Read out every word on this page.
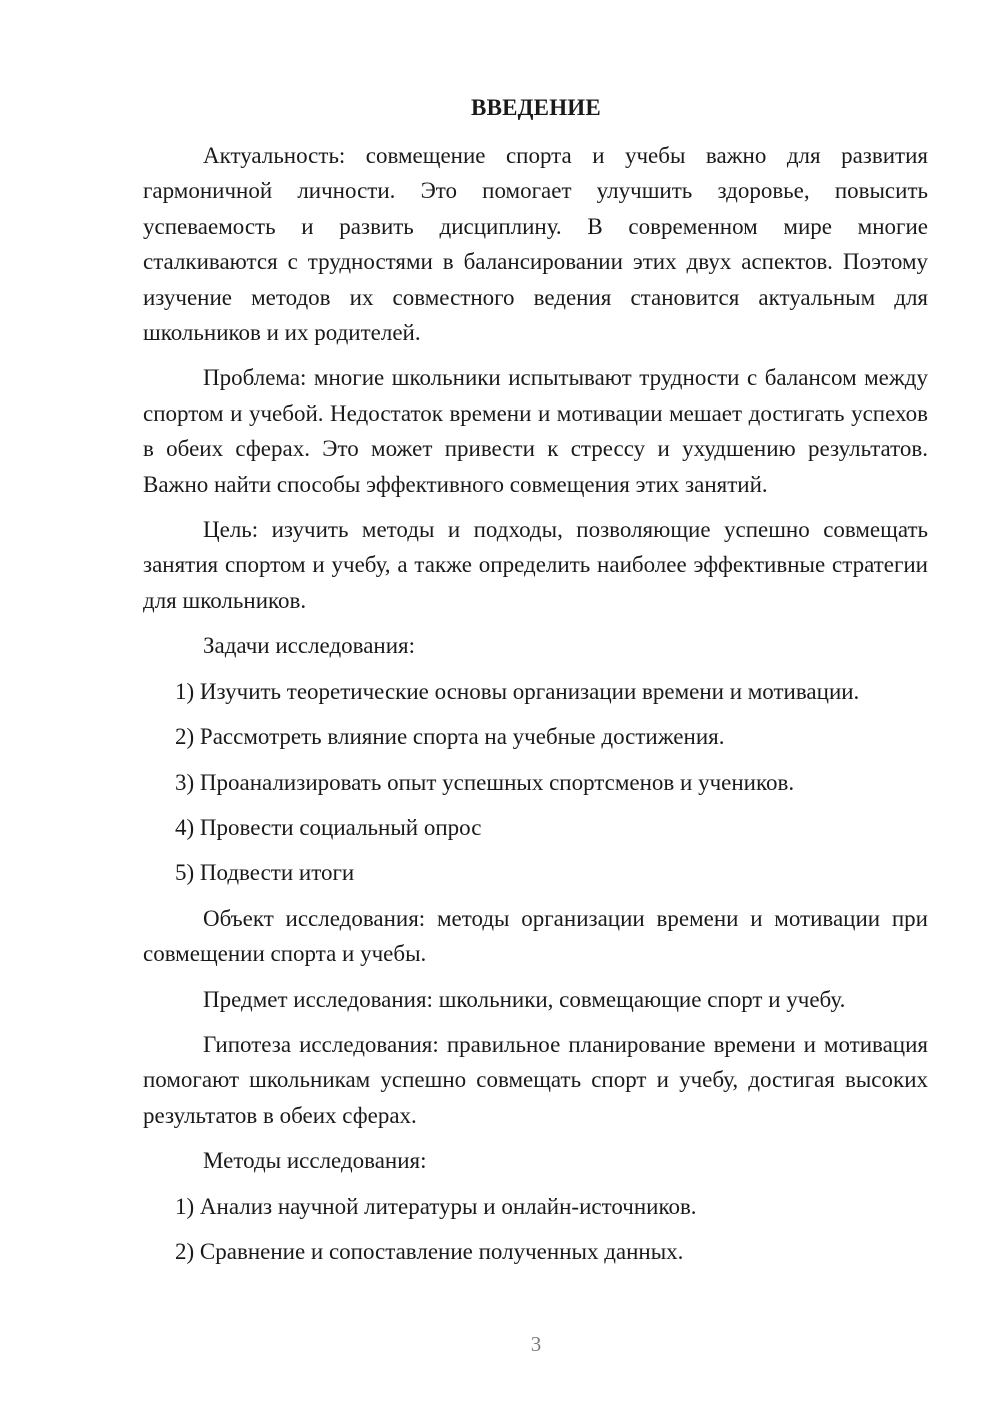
ВВЕДЕНИЕ

Актуальность: совмещение спорта и учебы важно для развития гармоничной личности. Это помогает улучшить здоровье, повысить успеваемость и развить дисциплину. В современном мире многие сталкиваются с трудностями в балансировании этих двух аспектов. Поэтому изучение методов их совместного ведения становится актуальным для школьников и их родителей.

Проблема: многие школьники испытывают трудности с балансом между спортом и учебой. Недостаток времени и мотивации мешает достигать успехов в обеих сферах. Это может привести к стрессу и ухудшению результатов. Важно найти способы эффективного совмещения этих занятий.

Цель: изучить методы и подходы, позволяющие успешно совмещать занятия спортом и учебу, а также определить наиболее эффективные стратегии для школьников.

Задачи исследования:

1) Изучить теоретические основы организации времени и мотивации.
2) Рассмотреть влияние спорта на учебные достижения.
3) Проанализировать опыт успешных спортсменов и учеников.
4) Провести социальный опрос
5) Подвести итоги

Объект исследования: методы организации времени и мотивации при совмещении спорта и учебы.

Предмет исследования: школьники, совмещающие спорт и учебу.

Гипотеза исследования: правильное планирование времени и мотивация помогают школьникам успешно совмещать спорт и учебу, достигая высоких результатов в обеих сферах.

Методы исследования:

1) Анализ научной литературы и онлайн-источников.
2) Сравнение и сопоставление полученных данных.
3
